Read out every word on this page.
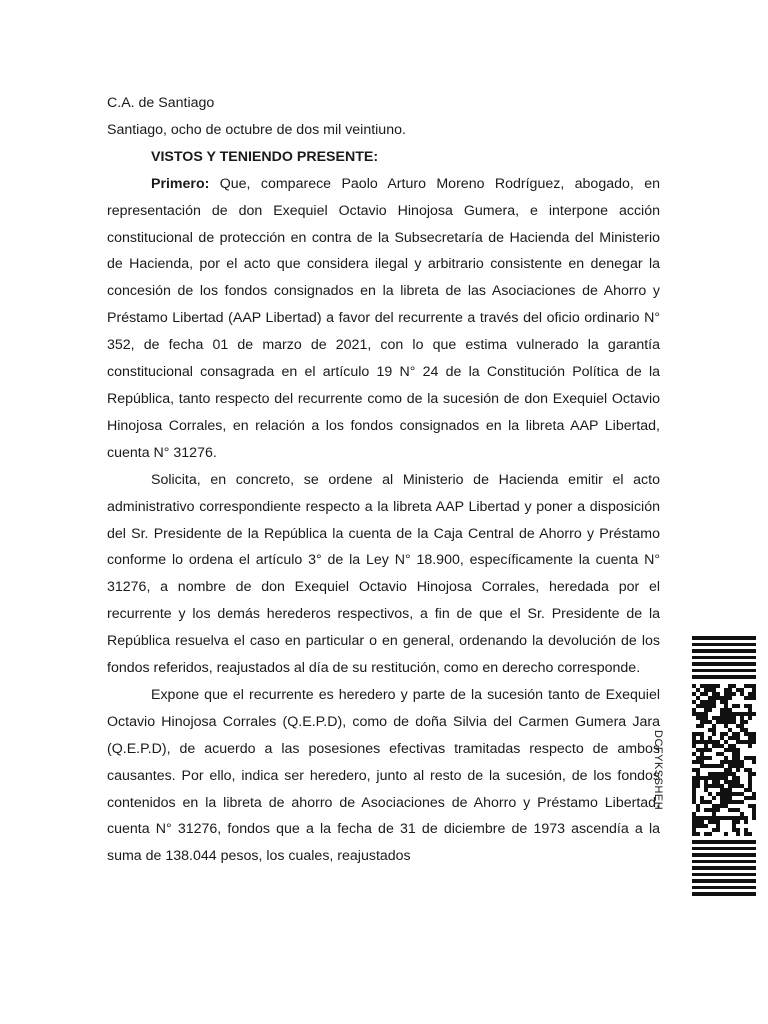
C.A. de Santiago

Santiago, ocho de octubre de dos mil veintiuno.

VISTOS Y TENIENDO PRESENTE:

Primero: Que, comparece Paolo Arturo Moreno Rodríguez, abogado, en representación de don Exequiel Octavio Hinojosa Gumera, e interpone acción constitucional de protección en contra de la Subsecretaría de Hacienda del Ministerio de Hacienda, por el acto que considera ilegal y arbitrario consistente en denegar la concesión de los fondos consignados en la libreta de las Asociaciones de Ahorro y Préstamo Libertad (AAP Libertad) a favor del recurrente a través del oficio ordinario N° 352, de fecha 01 de marzo de 2021, con lo que estima vulnerado la garantía constitucional consagrada en el artículo 19 N° 24 de la Constitución Política de la República, tanto respecto del recurrente como de la sucesión de don Exequiel Octavio Hinojosa Corrales, en relación a los fondos consignados en la libreta AAP Libertad, cuenta N° 31276.

Solicita, en concreto, se ordene al Ministerio de Hacienda emitir el acto administrativo correspondiente respecto a la libreta AAP Libertad y poner a disposición del Sr. Presidente de la República la cuenta de la Caja Central de Ahorro y Préstamo conforme lo ordena el artículo 3° de la Ley N° 18.900, específicamente la cuenta N° 31276, a nombre de don Exequiel Octavio Hinojosa Corrales, heredada por el recurrente y los demás herederos respectivos, a fin de que el Sr. Presidente de la República resuelva el caso en particular o en general, ordenando la devolución de los fondos referidos, reajustados al día de su restitución, como en derecho corresponde.

Expone que el recurrente es heredero y parte de la sucesión tanto de Exequiel Octavio Hinojosa Corrales (Q.E.P.D), como de doña Silvia del Carmen Gumera Jara (Q.E.P.D), de acuerdo a las posesiones efectivas tramitadas respecto de ambos causantes. Por ello, indica ser heredero, junto al resto de la sucesión, de los fondos contenidos en la libreta de ahorro de Asociaciones de Ahorro y Préstamo Libertad, cuenta N° 31276, fondos que a la fecha de 31 de diciembre de 1973 ascendía a la suma de 138.044 pesos, los cuales, reajustados

DCFYKSSHEH
